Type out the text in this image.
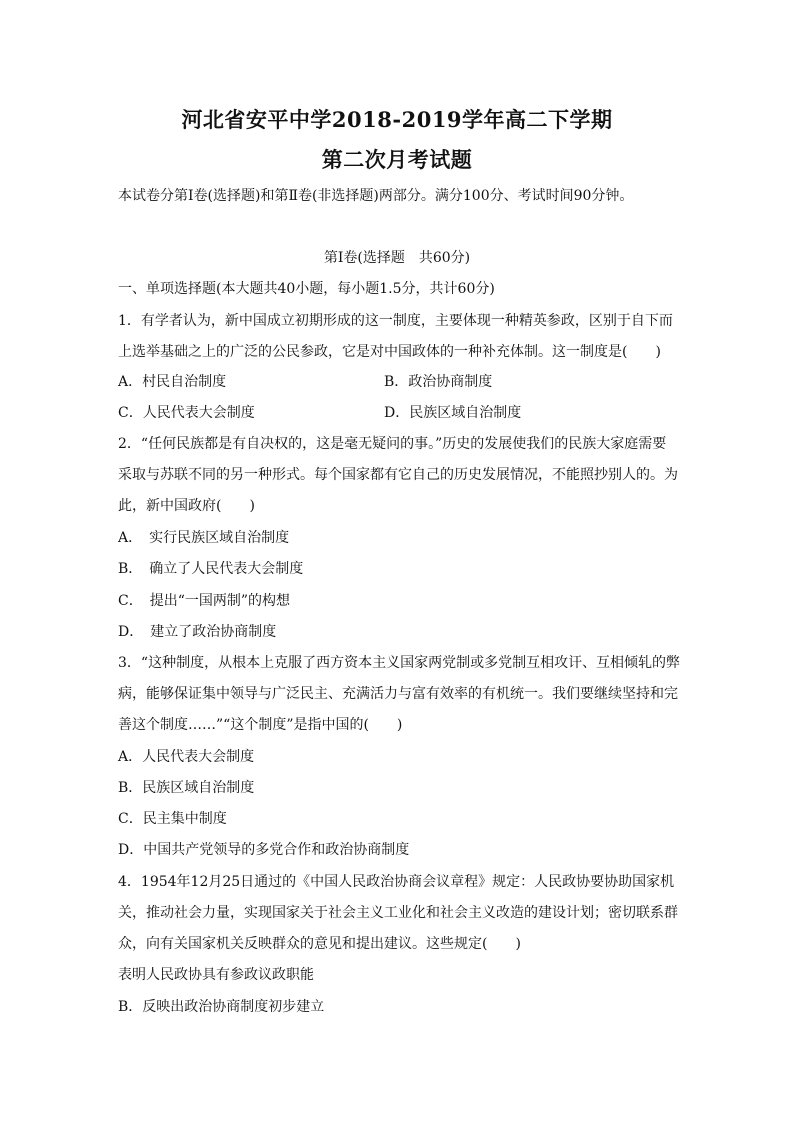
河北省安平中学2018-2019学年高二下学期
第二次月考试题
本试卷分第Ⅰ卷(选择题)和第Ⅱ卷(非选择题)两部分。满分100分、考试时间90分钟。
第Ⅰ卷(选择题　共60分)
一、单项选择题(本大题共40小题，每小题1.5分，共计60分)
1．有学者认为，新中国成立初期形成的这一制度，主要体现一种精英参政，区别于自下而
上选举基础之上的广泛的公民参政，它是对中国政体的一种补充体制。这一制度是(　　)
A．村民自治制度	B．政治协商制度
C．人民代表大会制度	D．民族区域自治制度
2．“任何民族都是有自决权的，这是毫无疑问的事。”历史的发展使我们的民族大家庭需要
采取与苏联不同的另一种形式。每个国家都有它自己的历史发展情况，不能照抄别人的。为
此，新中国政府(　　)
A．　实行民族区域自治制度
B．　确立了人民代表大会制度
C．　提出“一国两制”的构想
D．　建立了政治协商制度
3．“这种制度，从根本上克服了西方资本主义国家两党制或多党制互相攻讦、互相倾轧的弊
病，能够保证集中领导与广泛民主、充满活力与富有效率的有机统一。我们要继续坚持和完
善这个制度……”“这个制度”是指中国的(　　)
A．人民代表大会制度
B．民族区域自治制度
C．民主集中制度
D．中国共产党领导的多党合作和政治协商制度
4．1954年12月25日通过的《中国人民政治协商会议章程》规定：人民政协要协助国家机
关，推动社会力量，实现国家关于社会主义工业化和社会主义改造的建设计划；密切联系群
众，向有关国家机关反映群众的意见和提出建议。这些规定(　　)
表明人民政协具有参政议政职能
B．反映出政治协商制度初步建立
